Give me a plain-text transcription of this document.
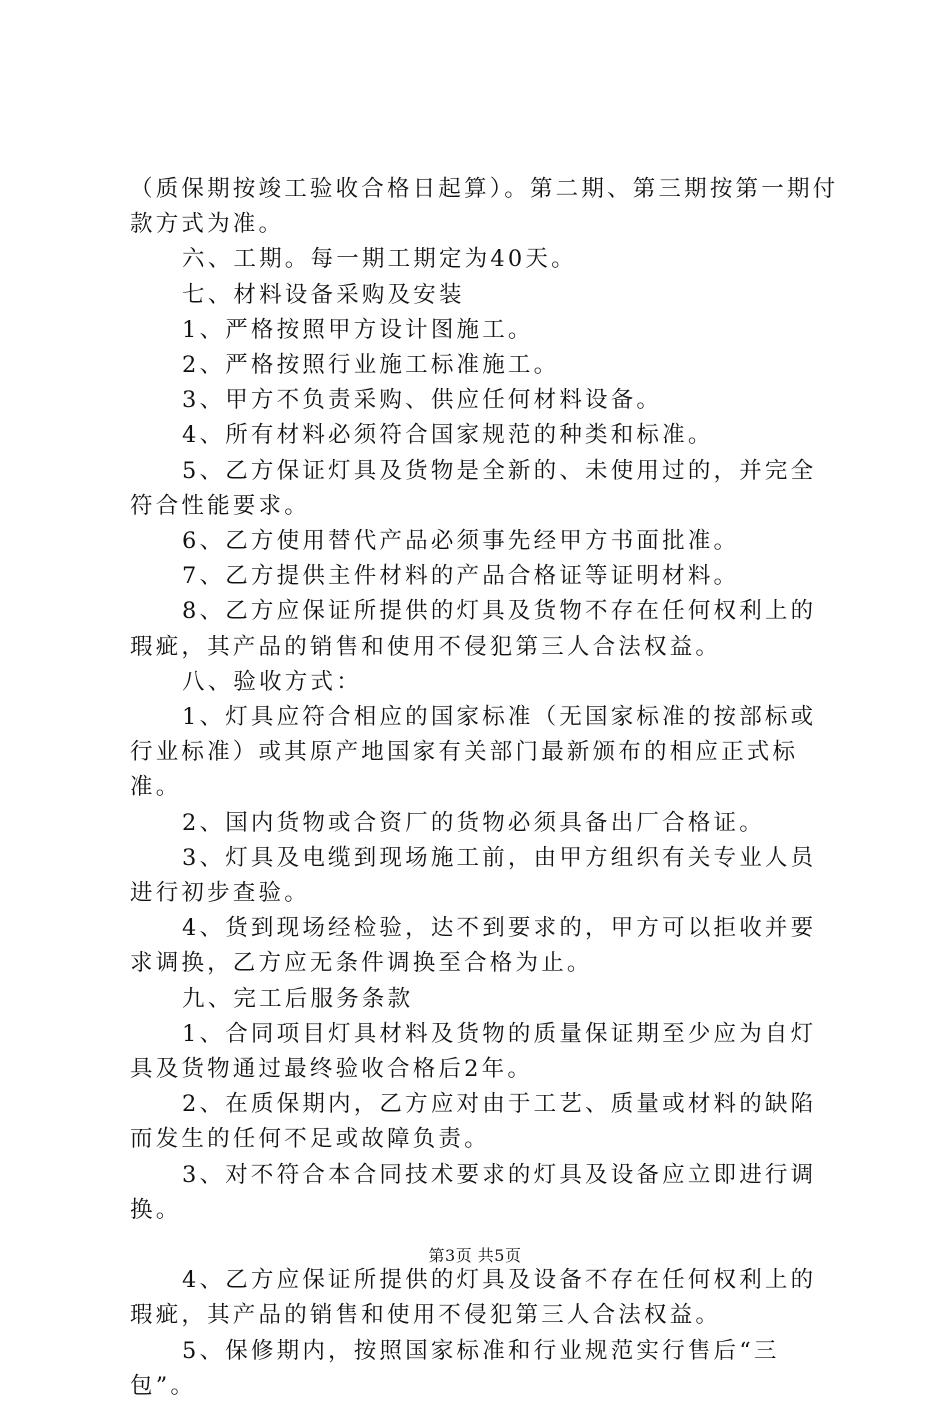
（质保期按竣工验收合格日起算）。第二期、第三期按第一期付款方式为准。

六、工期。每一期工期定为40天。

七、材料设备采购及安装

1、严格按照甲方设计图施工。

2、严格按照行业施工标准施工。

3、甲方不负责采购、供应任何材料设备。

4、所有材料必须符合国家规范的种类和标准。

5、乙方保证灯具及货物是全新的、未使用过的，并完全符合性能要求。

6、乙方使用替代产品必须事先经甲方书面批准。

7、乙方提供主件材料的产品合格证等证明材料。

8、乙方应保证所提供的灯具及货物不存在任何权利上的瑕疵，其产品的销售和使用不侵犯第三人合法权益。

八、验收方式：

1、灯具应符合相应的国家标准（无国家标准的按部标或行业标准）或其原产地国家有关部门最新颁布的相应正式标准。

2、国内货物或合资厂的货物必须具备出厂合格证。

3、灯具及电缆到现场施工前，由甲方组织有关专业人员进行初步查验。

4、货到现场经检验，达不到要求的，甲方可以拒收并要求调换，乙方应无条件调换至合格为止。

九、完工后服务条款

1、合同项目灯具材料及货物的质量保证期至少应为自灯具及货物通过最终验收合格后2年。

2、在质保期内，乙方应对由于工艺、质量或材料的缺陷而发生的任何不足或故障负责。

3、对不符合本合同技术要求的灯具及设备应立即进行调换。

4、乙方应保证所提供的灯具及设备不存在任何权利上的瑕疵，其产品的销售和使用不侵犯第三人合法权益。

5、保修期内，按照国家标准和行业规范实行售后“三包”。

第3页 共5页
